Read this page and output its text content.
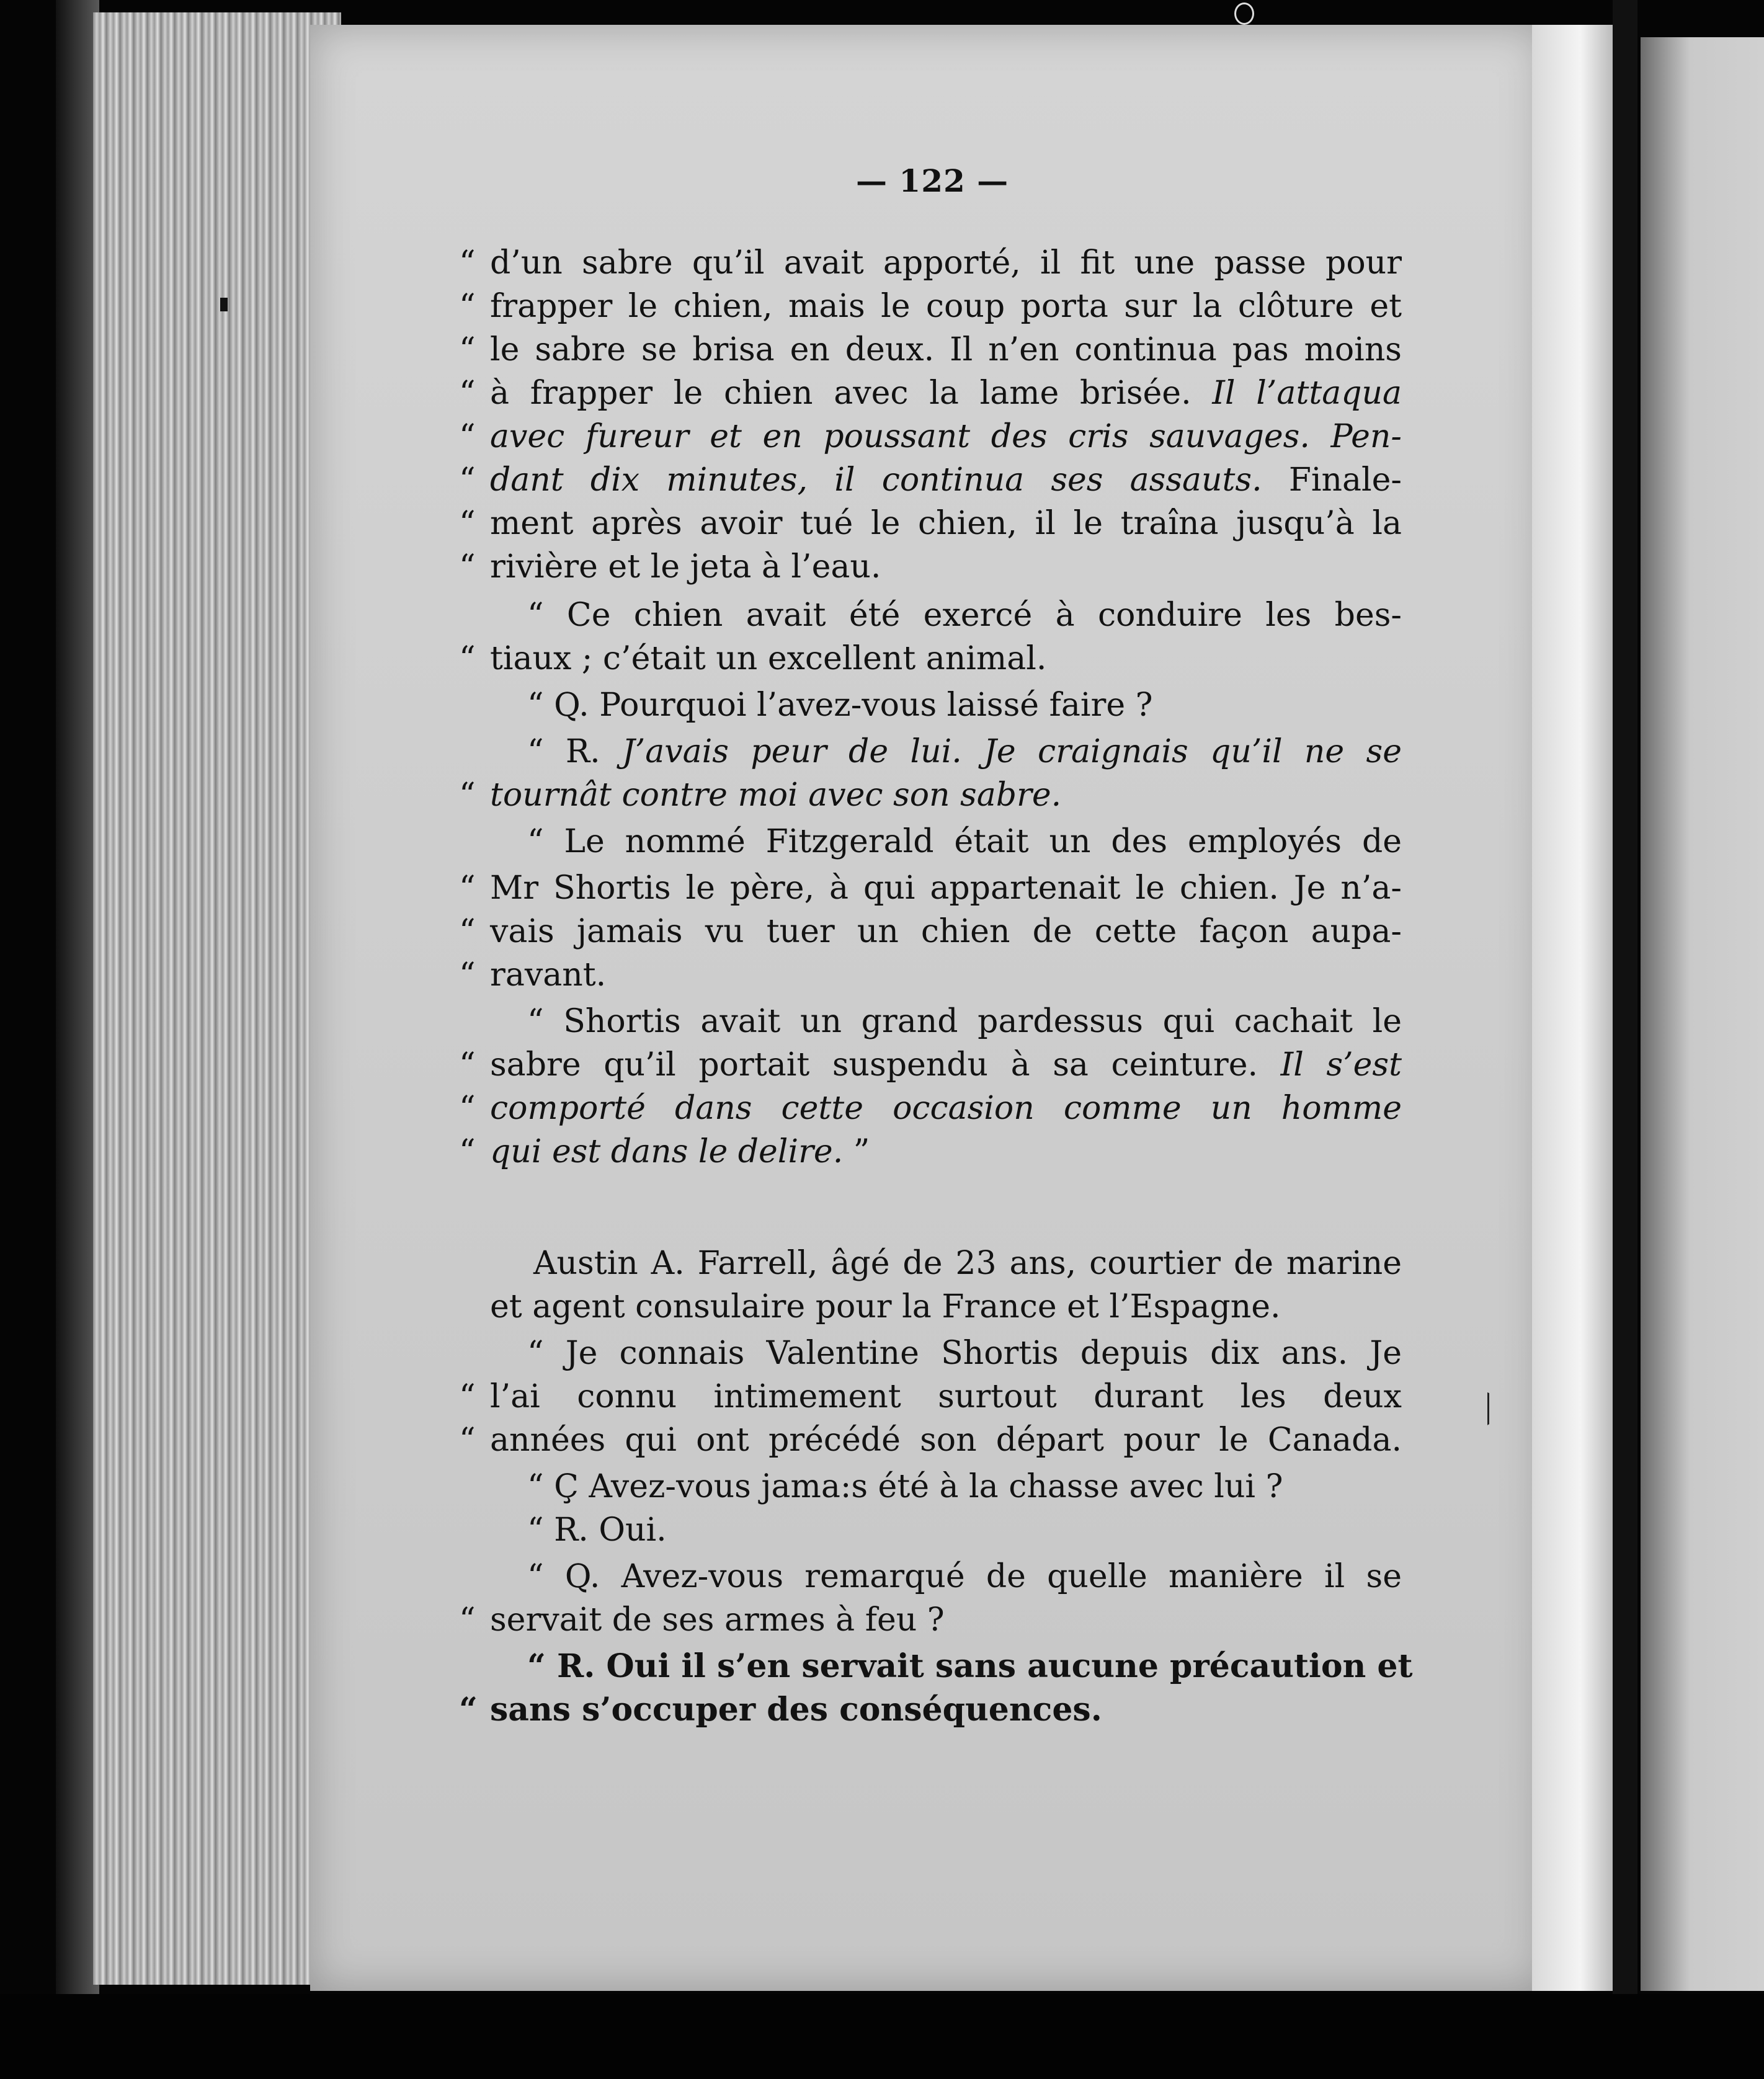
— 122 —
“ d’un sabre qu’il avait apporté, il fit une passe pour
“ frapper le chien, mais le coup porta sur la clôture et
“ le sabre se brisa en deux. Il n’en continua pas moins
“ à frapper le chien avec la lame brisée. Il l’attaqua
“ avec fureur et en poussant des cris sauvages. Pen-
“ dant dix minutes, il continua ses assauts. Finale-
“ ment après avoir tué le chien, il le traîna jusqu’à la
“ rivière et le jeta à l’eau.
“ Ce chien avait été exercé à conduire les bes-
“ tiaux ; c’était un excellent animal.
“ Q. Pourquoi l’avez-vous laissé faire ?
“ R. J’avais peur de lui. Je craignais qu’il ne se
“ tournât contre moi avec son sabre.
“ Le nommé Fitzgerald était un des employés de
“ Mr Shortis le père, à qui appartenait le chien. Je n’a-
“ vais jamais vu tuer un chien de cette façon aupa-
“ ravant.
“ Shortis avait un grand pardessus qui cachait le
“ sabre qu’il portait suspendu à sa ceinture. Il s’est
“ comporté dans cette occasion comme un homme
“ qui est dans le delire. ”
Austin A. Farrell, âgé de 23 ans, courtier de marine
et agent consulaire pour la France et l’Espagne.
“ Je connais Valentine Shortis depuis dix ans. Je
“ l’ai connu intimement surtout durant les deux
“ années qui ont précédé son départ pour le Canada.
“ Ç Avez-vous jama:s été à la chasse avec lui ?
“ R. Oui.
“ Q. Avez-vous remarqué de quelle manière il se
“ servait de ses armes à feu ?
“ R. Oui il s’en servait sans aucune précaution et
“ sans s’occuper des conséquences.
